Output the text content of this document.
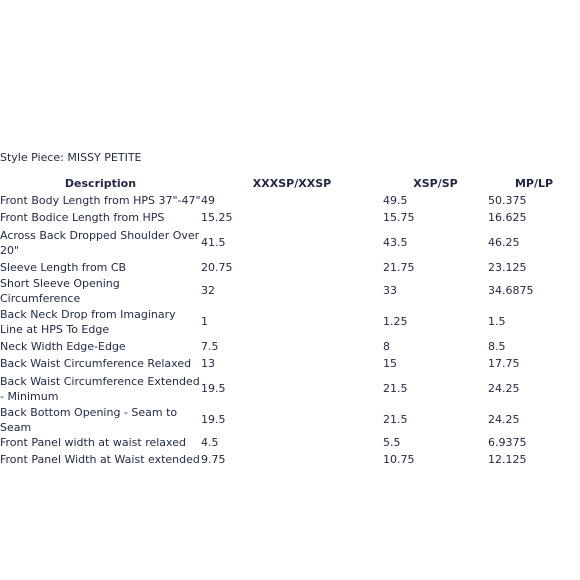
Style Piece: MISSY PETITE
Description	XXXSP/XXSP	XSP/SP	MP/LP
Front Body Length from HPS 37"-47"	49	49.5	50.375
Front Bodice Length from HPS	15.25	15.75	16.625
Across Back Dropped Shoulder Over 20"	41.5	43.5	46.25
Sleeve Length from CB	20.75	21.75	23.125
Short Sleeve Opening Circumference	32	33	34.6875
Back Neck Drop from Imaginary Line at HPS To Edge	1	1.25	1.5
Neck Width Edge-Edge	7.5	8	8.5
Back Waist Circumference Relaxed	13	15	17.75
Back Waist Circumference Extended - Minimum	19.5	21.5	24.25
Back Bottom Opening - Seam to Seam	19.5	21.5	24.25
Front Panel width at waist relaxed	4.5	5.5	6.9375
Front Panel Width at Waist extended	9.75	10.75	12.125
